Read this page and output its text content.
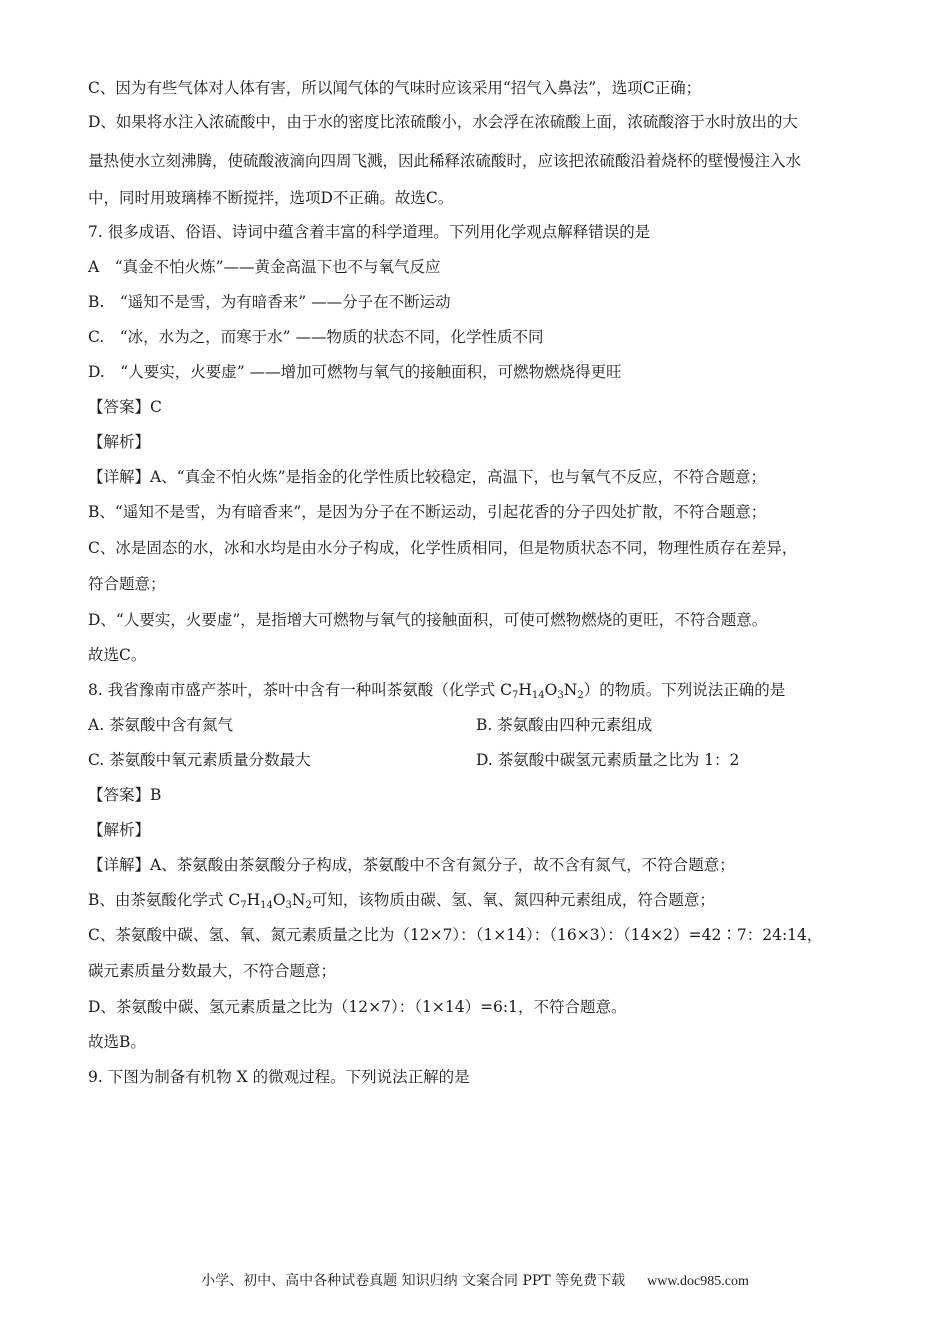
C、因为有些气体对人体有害，所以闻气体的气味时应该采用“招气入鼻法”，选项C正确；
D、如果将水注入浓硫酸中，由于水的密度比浓硫酸小，水会浮在浓硫酸上面，浓硫酸溶于水时放出的大
量热使水立刻沸腾，使硫酸液滴向四周飞溅，因此稀释浓硫酸时，应该把浓硫酸沿着烧杯的壁慢慢注入水
中，同时用玻璃棒不断搅拌，选项D不正确。故选C。
7. 很多成语、俗语、诗词中蕴含着丰富的科学道理。下列用化学观点解释错误的是
A　“真金不怕火炼”——黄金高温下也不与氧气反应
B.　“遥知不是雪，为有暗香来” ——分子在不断运动
C.　“冰，水为之，而寒于水” ——物质的状态不同，化学性质不同
D.　“人要实，火要虚” ——增加可燃物与氧气的接触面积，可燃物燃烧得更旺
【答案】C
【解析】
【详解】A、“真金不怕火炼”是指金的化学性质比较稳定，高温下，也与氧气不反应，不符合题意；
B、“遥知不是雪，为有暗香来”，是因为分子在不断运动，引起花香的分子四处扩散，不符合题意；
C、冰是固态的水，冰和水均是由水分子构成，化学性质相同，但是物质状态不同，物理性质存在差异，
符合题意；
D、“人要实，火要虚”，是指增大可燃物与氧气的接触面积，可使可燃物燃烧的更旺，不符合题意。
故选C。
8. 我省豫南市盛产茶叶，茶叶中含有一种叫茶氨酸（化学式 $C_7H_{14}O_3N_2$）的物质。下列说法正确的是
A. 茶氨酸中含有氮气	B. 茶氨酸由四种元素组成
C. 茶氨酸中氧元素质量分数最大	D. 茶氨酸中碳氢元素质量之比为 1：2
【答案】B
【解析】
【详解】A、茶氨酸由茶氨酸分子构成，茶氨酸中不含有氮分子，故不含有氮气，不符合题意；
B、由茶氨酸化学式 $C_7H_{14}O_3N_2$可知，该物质由碳、氢、氧、氮四种元素组成，符合题意；
C、茶氨酸中碳、氢、氧、氮元素质量之比为（12×7）：（1×14）：（16×3）：（14×2）=42∶7：24:14，
碳元素质量分数最大，不符合题意；
D、茶氨酸中碳、氢元素质量之比为（12×7）：（1×14）=6:1，不符合题意。
故选B。
9. 下图为制备有机物 X 的微观过程。下列说法正解的是
小学、初中、高中各种试卷真题 知识归纳 文案合同 PPT 等免费下载 www.doc985.com
